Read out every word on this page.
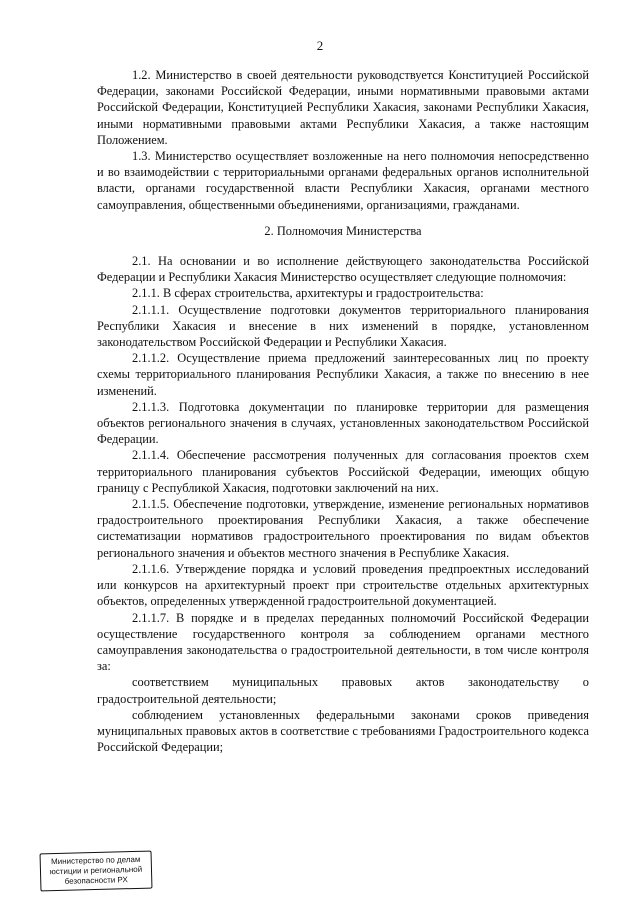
2

1.2. Министерство в своей деятельности руководствуется Конституцией Российской Федерации, законами Российской Федерации, иными нормативными правовыми актами Российской Федерации, Конституцией Республики Хакасия, законами Республики Хакасия, иными нормативными правовыми актами Республики Хакасия, а также настоящим Положением.

1.3. Министерство осуществляет возложенные на него полномочия непосредственно и во взаимодействии с территориальными органами федеральных органов исполнительной власти, органами государственной власти Республики Хакасия, органами местного самоуправления, общественными объединениями, организациями, гражданами.

2. Полномочия Министерства

2.1. На основании и во исполнение действующего законодательства Российской Федерации и Республики Хакасия Министерство осуществляет следующие полномочия:

2.1.1. В сферах строительства, архитектуры и градостроительства:

2.1.1.1. Осуществление подготовки документов территориального планирования Республики Хакасия и внесение в них изменений в порядке, установленном законодательством Российской Федерации и Республики Хакасия.

2.1.1.2. Осуществление приема предложений заинтересованных лиц по проекту схемы территориального планирования Республики Хакасия, а также по внесению в нее изменений.

2.1.1.3. Подготовка документации по планировке территории для размещения объектов регионального значения в случаях, установленных законодательством Российской Федерации.

2.1.1.4. Обеспечение рассмотрения полученных для согласования проектов схем территориального планирования субъектов Российской Федерации, имеющих общую границу с Республикой Хакасия, подготовки заключений на них.

2.1.1.5. Обеспечение подготовки, утверждение, изменение региональных нормативов градостроительного проектирования Республики Хакасия, а также обеспечение систематизации нормативов градостроительного проектирования по видам объектов регионального значения и объектов местного значения в Республике Хакасия.

2.1.1.6. Утверждение порядка и условий проведения предпроектных исследований или конкурсов на архитектурный проект при строительстве отдельных архитектурных объектов, определенных утвержденной градостроительной документацией.

2.1.1.7. В порядке и в пределах переданных полномочий Российской Федерации осуществление государственного контроля за соблюдением органами местного самоуправления законодательства о градостроительной деятельности, в том числе контроля за:

соответствием муниципальных правовых актов законодательству о градостроительной деятельности;

соблюдением установленных федеральными законами сроков приведения муниципальных правовых актов в соответствие с требованиями Градостроительного кодекса Российской Федерации;

Министерство по делам
юстиции и региональной
безопасности РХ
